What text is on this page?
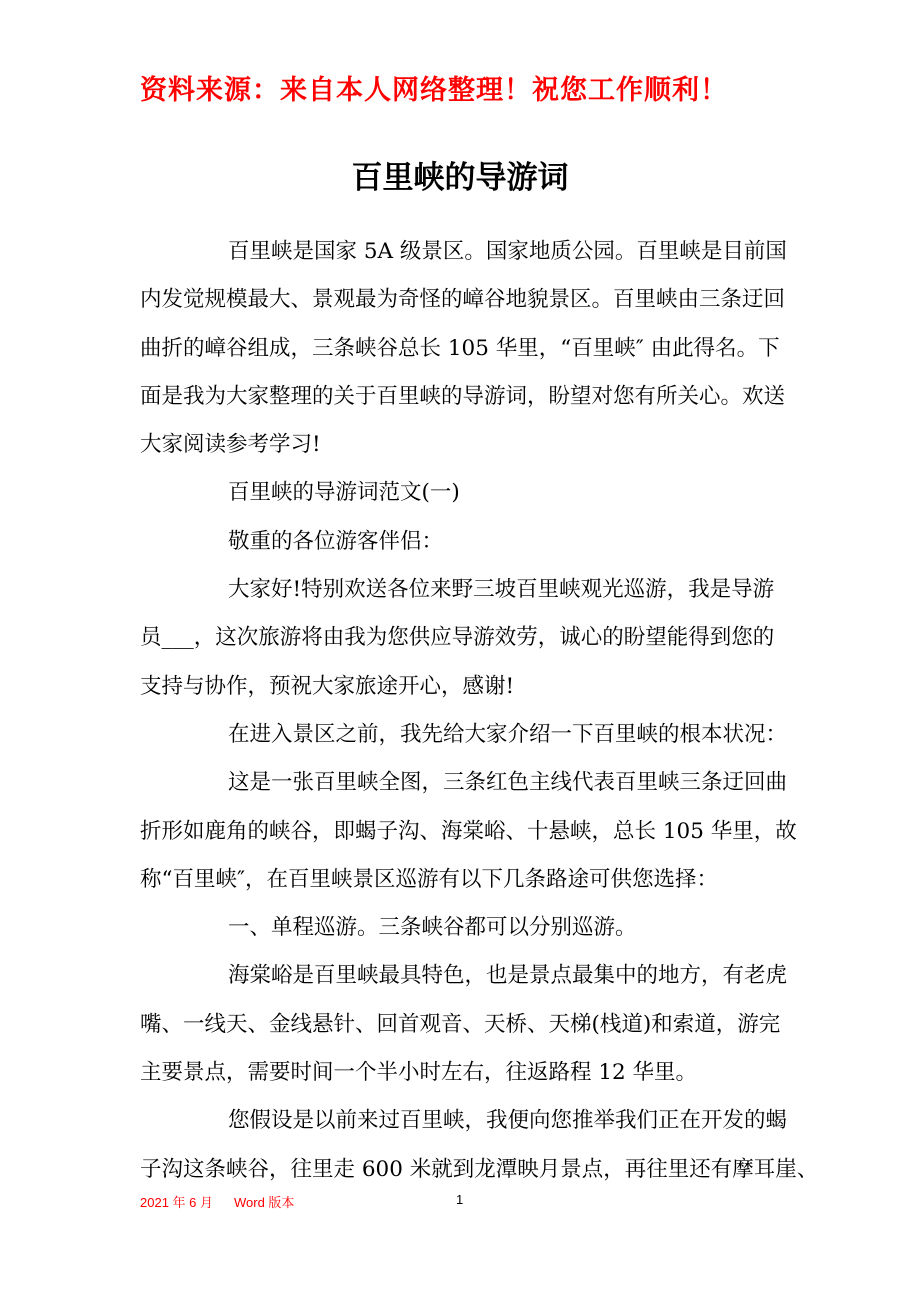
资料来源：来自本人网络整理！祝您工作顺利！
百里峡的导游词
百里峡是国家 5A 级景区。国家地质公园。百里峡是目前国
内发觉规模最大、景观最为奇怪的嶂谷地貌景区。百里峡由三条迂回
曲折的嶂谷组成，三条峡谷总长 105 华里，“百里峡″ 由此得名。下
面是我为大家整理的关于百里峡的导游词，盼望对您有所关心。欢送
大家阅读参考学习!
百里峡的导游词范文(一)
敬重的各位游客伴侣：
大家好!特别欢送各位来野三坡百里峡观光巡游，我是导游
员___，这次旅游将由我为您供应导游效劳，诚心的盼望能得到您的
支持与协作，预祝大家旅途开心，感谢!
在进入景区之前，我先给大家介绍一下百里峡的根本状况：
这是一张百里峡全图，三条红色主线代表百里峡三条迂回曲
折形如鹿角的峡谷，即蝎子沟、海棠峪、十悬峡，总长 105 华里，故
称“百里峡″，在百里峡景区巡游有以下几条路途可供您选择：
一、单程巡游。三条峡谷都可以分别巡游。
海棠峪是百里峡最具特色，也是景点最集中的地方，有老虎
嘴、一线天、金线悬针、回首观音、天桥、天梯(栈道)和索道，游完
主要景点，需要时间一个半小时左右，往返路程 12 华里。
您假设是以前来过百里峡，我便向您推举我们正在开发的蝎
子沟这条峡谷，往里走 600 米就到龙潭映月景点，再往里还有摩耳崖、
2021 年 6 月 Word 版本	1
